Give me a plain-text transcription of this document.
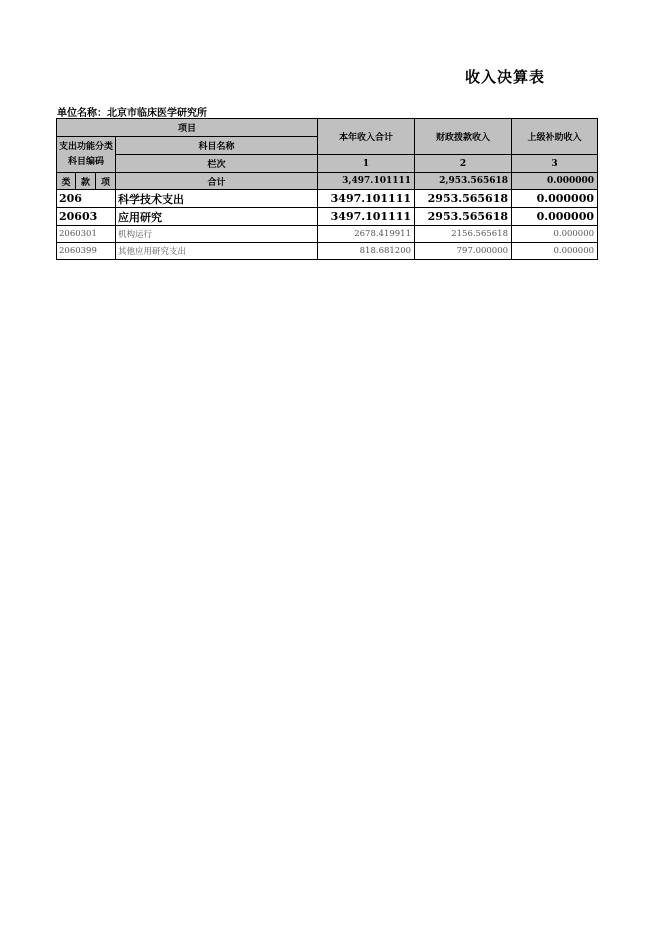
收入决算表
单位名称：北京市临床医学研究所
项目				本年收入合计	财政拨款收入	上级补助收入
支出功能分类科目编码			科目名称			
			栏次	1	2	3
类	款	项	合计	3,497.101111	2,953.565618	0.000000
206			科学技术支出	3497.101111	2953.565618	0.000000
20603			应用研究	3497.101111	2953.565618	0.000000
2060301			机构运行	2678.419911	2156.565618	0.000000
2060399			其他应用研究支出	818.681200	797.000000	0.000000
